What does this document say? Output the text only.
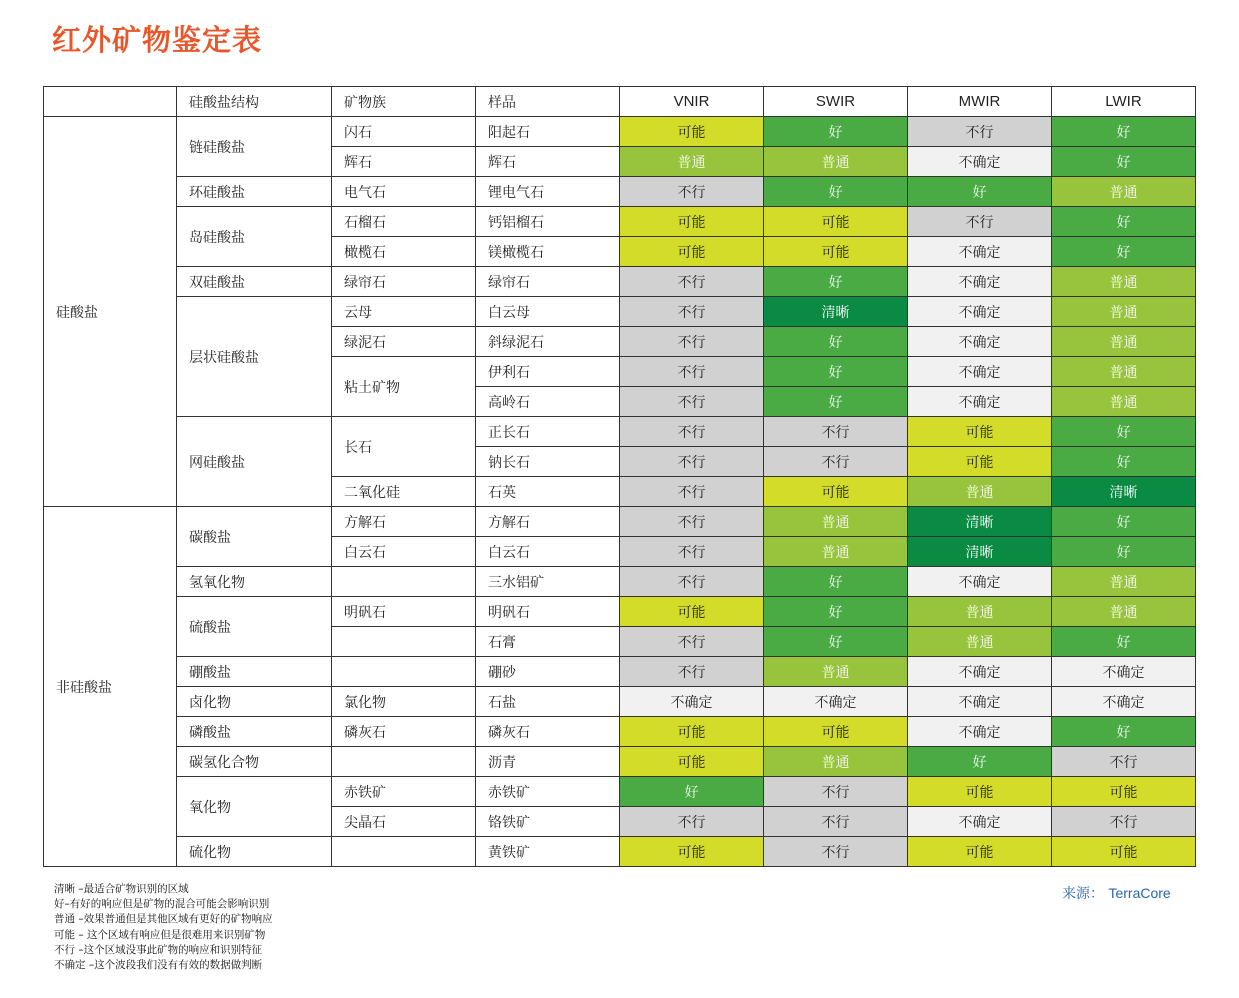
红外矿物鉴定表
	硅酸盐结构	矿物族	样品	VNIR	SWIR	MWIR	LWIR
硅酸盐	链硅酸盐	闪石	阳起石	可能	好	不行	好
		辉石	辉石	普通	普通	不确定	好
	环硅酸盐	电气石	锂电气石	不行	好	好	普通
	岛硅酸盐	石榴石	钙铝榴石	可能	可能	不行	好
		橄榄石	镁橄榄石	可能	可能	不确定	好
	双硅酸盐	绿帘石	绿帘石	不行	好	不确定	普通
	层状硅酸盐	云母	白云母	不行	清晰	不确定	普通
		绿泥石	斜绿泥石	不行	好	不确定	普通
		粘土矿物	伊利石	不行	好	不确定	普通
			高岭石	不行	好	不确定	普通
	网硅酸盐	长石	正长石	不行	不行	可能	好
			钠长石	不行	不行	可能	好
		二氧化硅	石英	不行	可能	普通	清晰
非硅酸盐	碳酸盐	方解石	方解石	不行	普通	清晰	好
		白云石	白云石	不行	普通	清晰	好
	氢氧化物		三水铝矿	不行	好	不确定	普通
	硫酸盐	明矾石	明矾石	可能	好	普通	普通
			石膏	不行	好	普通	好
	硼酸盐		硼砂	不行	普通	不确定	不确定
	卤化物	氯化物	石盐	不确定	不确定	不确定	不确定
	磷酸盐	磷灰石	磷灰石	可能	可能	不确定	好
	碳氢化合物		沥青	可能	普通	好	不行
	氧化物	赤铁矿	赤铁矿	好	不行	可能	可能
		尖晶石	铬铁矿	不行	不行	不确定	不行
	硫化物		黄铁矿	可能	不行	可能	可能
清晰 –最适合矿物识别的区域
好–有好的响应但是矿物的混合可能会影响识别
普通 –效果普通但是其他区域有更好的矿物响应
可能 – 这个区域有响应但是很难用来识别矿物
不行 –这个区域没事此矿物的响应和识别特征
不确定 –这个波段我们没有有效的数据做判断
来源： TerraCore
